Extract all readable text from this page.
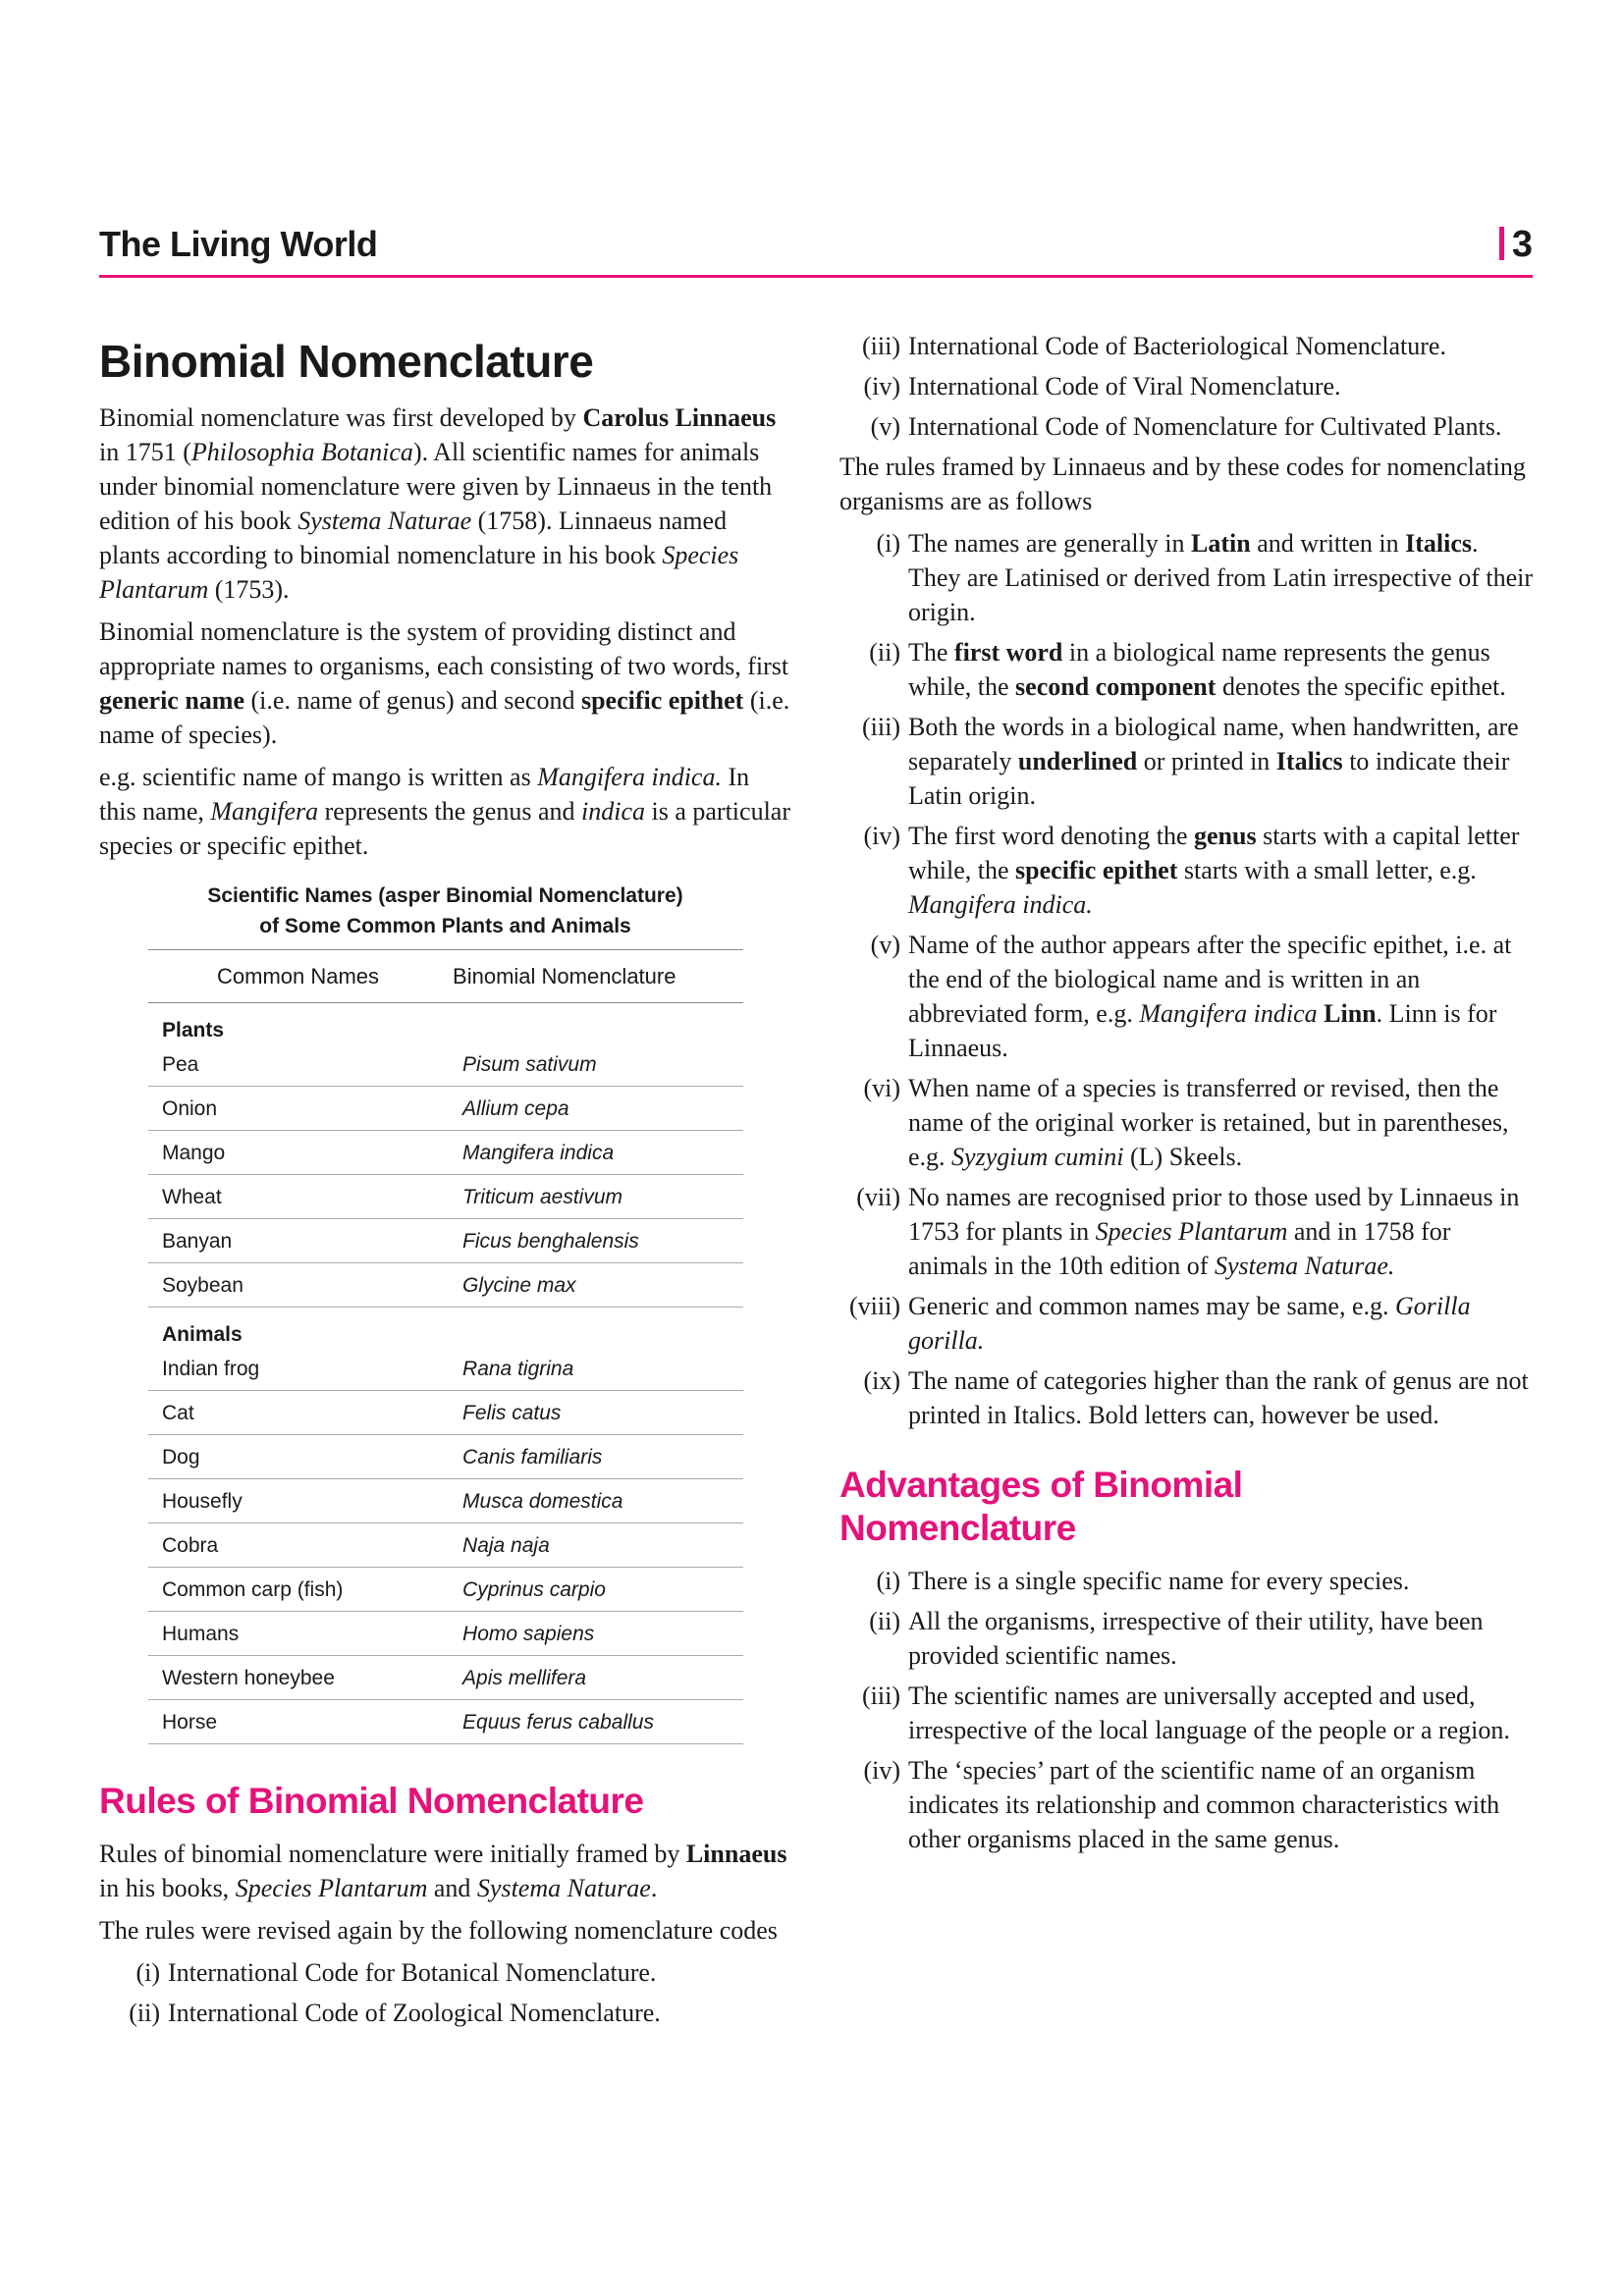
The Living World	3
Binomial Nomenclature

Binomial nomenclature was first developed by Carolus Linnaeus in 1751 (Philosophia Botanica). All scientific names for animals under binomial nomenclature were given by Linnaeus in the tenth edition of his book Systema Naturae (1758). Linnaeus named plants according to binomial nomenclature in his book Species Plantarum (1753).

Binomial nomenclature is the system of providing distinct and appropriate names to organisms, each consisting of two words, first generic name (i.e. name of genus) and second specific epithet (i.e. name of species).

e.g. scientific name of mango is written as Mangifera indica. In this name, Mangifera represents the genus and indica is a particular species or specific epithet.

Scientific Names (asper Binomial Nomenclature)
of Some Common Plants and Animals
Common Names	Binomial Nomenclature
Plants	
Pea	Pisum sativum
Onion	Allium cepa
Mango	Mangifera indica
Wheat	Triticum aestivum
Banyan	Ficus benghalensis
Soybean	Glycine max
Animals	
Indian frog	Rana tigrina
Cat	Felis catus
Dog	Canis familiaris
Housefly	Musca domestica
Cobra	Naja naja
Common carp (fish)	Cyprinus carpio
Humans	Homo sapiens
Western honeybee	Apis mellifera
Horse	Equus ferus caballus
Rules of Binomial Nomenclature

Rules of binomial nomenclature were initially framed by Linnaeus in his books, Species Plantarum and Systema Naturae.

The rules were revised again by the following nomenclature codes

(i) International Code for Botanical Nomenclature.
(ii) International Code of Zoological Nomenclature.
(iii) International Code of Bacteriological Nomenclature.
(iv) International Code of Viral Nomenclature.
(v) International Code of Nomenclature for Cultivated Plants.

The rules framed by Linnaeus and by these codes for nomenclating organisms are as follows

(i) The names are generally in Latin and written in Italics. They are Latinised or derived from Latin irrespective of their origin.
(ii) The first word in a biological name represents the genus while, the second component denotes the specific epithet.
(iii) Both the words in a biological name, when handwritten, are separately underlined or printed in Italics to indicate their Latin origin.
(iv) The first word denoting the genus starts with a capital letter while, the specific epithet starts with a small letter, e.g. Mangifera indica.
(v) Name of the author appears after the specific epithet, i.e. at the end of the biological name and is written in an abbreviated form, e.g. Mangifera indica Linn. Linn is for Linnaeus.
(vi) When name of a species is transferred or revised, then the name of the original worker is retained, but in parentheses, e.g. Syzygium cumini (L) Skeels.
(vii) No names are recognised prior to those used by Linnaeus in 1753 for plants in Species Plantarum and in 1758 for animals in the 10th edition of Systema Naturae.
(viii) Generic and common names may be same, e.g. Gorilla gorilla.
(ix) The name of categories higher than the rank of genus are not printed in Italics. Bold letters can, however be used.
Advantages of Binomial
Nomenclature
(i) There is a single specific name for every species.
(ii) All the organisms, irrespective of their utility, have been provided scientific names.
(iii) The scientific names are universally accepted and used, irrespective of the local language of the people or a region.
(iv) The ‘species’ part of the scientific name of an organism indicates its relationship and common characteristics with other organisms placed in the same genus.
